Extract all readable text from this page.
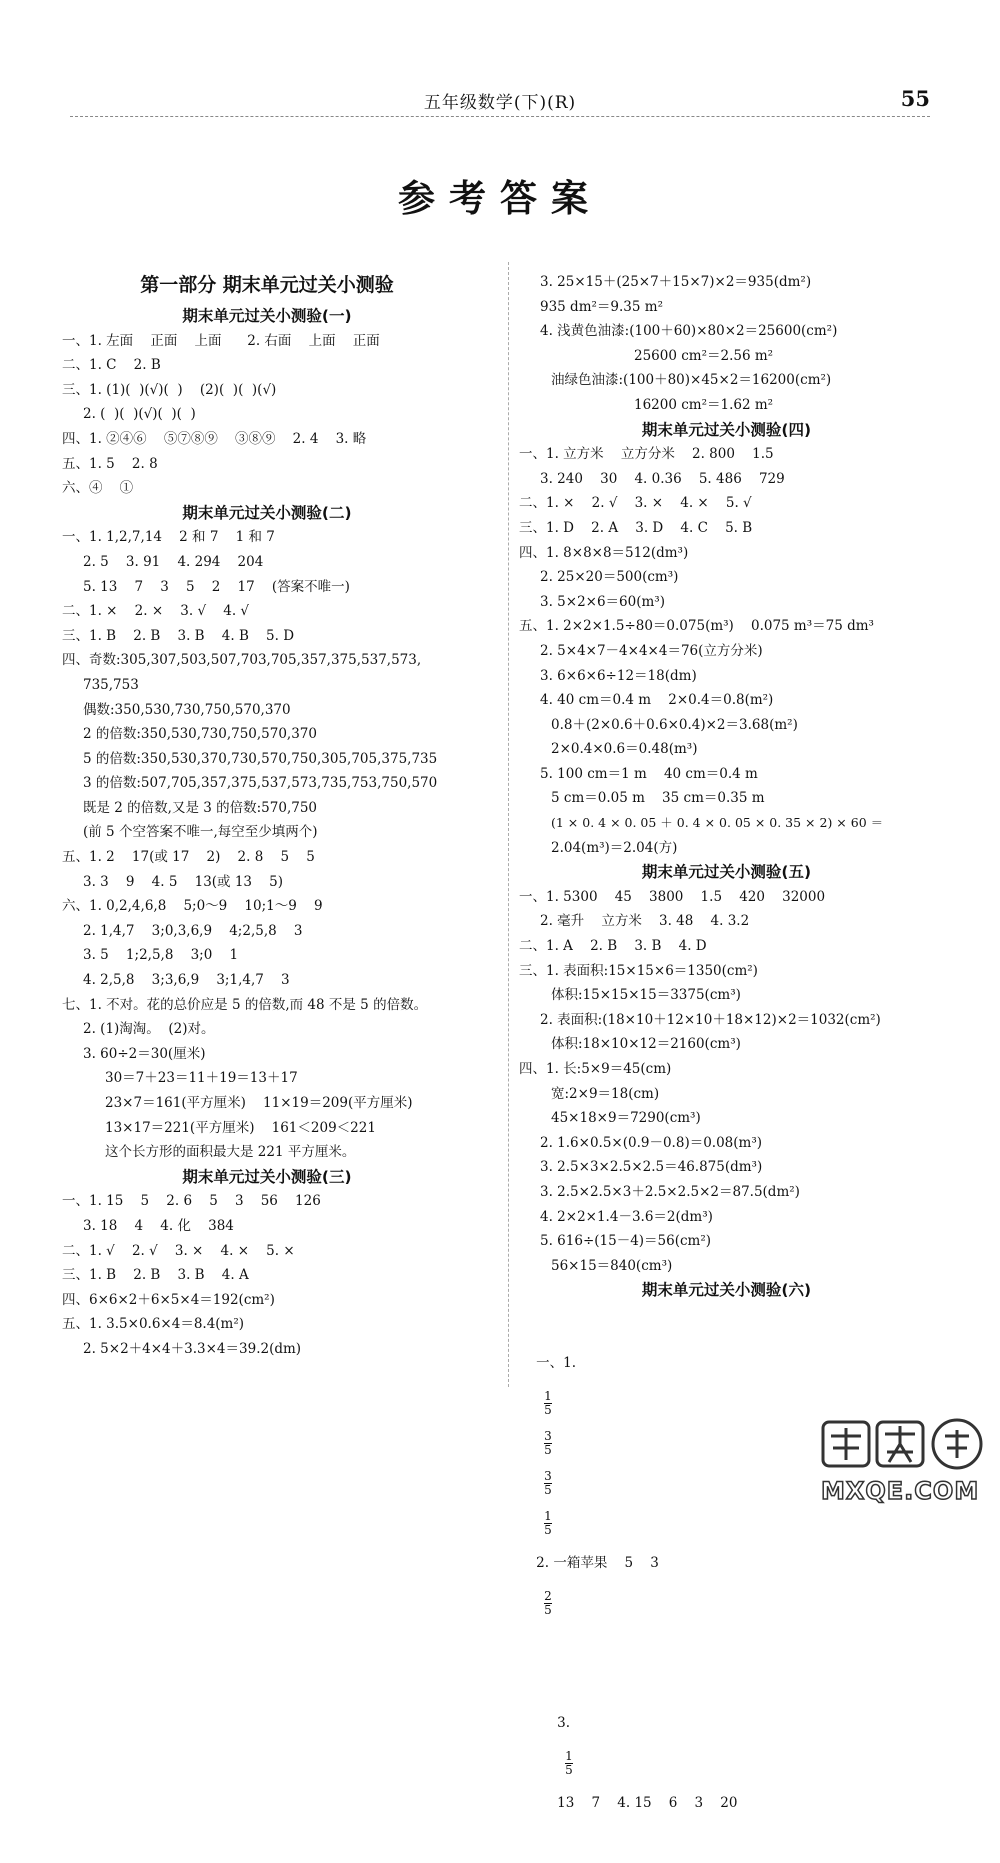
五年级数学(下)(R)	55
参考答案
第一部分 期末单元过关小测验
期末单元过关小测验(一)
一、1. 左面    正面    上面      2. 右面    上面    正面
二、1. C    2. B
三、1. (1)(  )(√)(  )    (2)(  )(  )(√)
2. (  )(  )(√)(  )(  )
四、1. ②④⑥    ⑤⑦⑧⑨    ③⑧⑨    2. 4    3. 略
五、1. 5    2. 8
六、④    ①
期末单元过关小测验(二)
一、1. 1,2,7,14    2 和 7    1 和 7
2. 5    3. 91    4. 294    204
5. 13    7    3    5    2    17    (答案不唯一)
二、1. ×    2. ×    3. √    4. √
三、1. B    2. B    3. B    4. B    5. D
四、奇数:305,307,503,507,703,705,357,375,537,573,
735,753
偶数:350,530,730,750,570,370
2 的倍数:350,530,730,750,570,370
5 的倍数:350,530,370,730,570,750,305,705,375,735
3 的倍数:507,705,357,375,537,573,735,753,750,570
既是 2 的倍数,又是 3 的倍数:570,750
(前 5 个空答案不唯一,每空至少填两个)
五、1. 2    17(或 17    2)    2. 8    5    5
3. 3    9    4. 5    13(或 13    5)
六、1. 0,2,4,6,8    5;0～9    10;1～9    9
2. 1,4,7    3;0,3,6,9    4;2,5,8    3
3. 5    1;2,5,8    3;0    1
4. 2,5,8    3;3,6,9    3;1,4,7    3
七、1. 不对。花的总价应是 5 的倍数,而 48 不是 5 的倍数。
2. (1)淘淘。  (2)对。
3. 60÷2＝30(厘米)
30＝7＋23＝11＋19＝13＋17
23×7＝161(平方厘米)    11×19＝209(平方厘米)
13×17＝221(平方厘米)    161＜209＜221
这个长方形的面积最大是 221 平方厘米。
期末单元过关小测验(三)
一、1. 15    5    2. 6    5    3    56    126
3. 18    4    4. 化    384
二、1. √    2. √    3. ×    4. ×    5. ×
三、1. B    2. B    3. B    4. A
四、6×6×2＋6×5×4＝192(cm²)
五、1. 3.5×0.6×4＝8.4(m²)
2. 5×2＋4×4＋3.3×4＝39.2(dm)
3. 25×15＋(25×7＋15×7)×2＝935(dm²)
935 dm²＝9.35 m²
4. 浅黄色油漆:(100＋60)×80×2＝25600(cm²)
25600 cm²＝2.56 m²
油绿色油漆:(100＋80)×45×2＝16200(cm²)
16200 cm²＝1.62 m²
期末单元过关小测验(四)
一、1. 立方米    立方分米    2. 800    1.5
3. 240    30    4. 0.36    5. 486    729
二、1. ×    2. √    3. ×    4. ×    5. √
三、1. D    2. A    3. D    4. C    5. B
四、1. 8×8×8＝512(dm³)
2. 25×20＝500(cm³)
3. 5×2×6＝60(m³)
五、1. 2×2×1.5÷80＝0.075(m³)    0.075 m³＝75 dm³
2. 5×4×7－4×4×4＝76(立方分米)
3. 6×6×6÷12＝18(dm)
4. 40 cm＝0.4 m    2×0.4＝0.8(m²)
0.8＋(2×0.6＋0.6×0.4)×2＝3.68(m²)
2×0.4×0.6＝0.48(m³)
5. 100 cm＝1 m    40 cm＝0.4 m
5 cm＝0.05 m    35 cm＝0.35 m
(1 × 0. 4 × 0. 05 ＋ 0. 4 × 0. 05 × 0. 35 × 2) × 60 ＝
2.04(m³)＝2.04(方)
期末单元过关小测验(五)
一、1. 5300    45    3800    1.5    420    32000
2. 毫升    立方米    3. 48    4. 3.2
二、1. A    2. B    3. B    4. D
三、1. 表面积:15×15×6＝1350(cm²)
体积:15×15×15＝3375(cm³)
2. 表面积:(18×10＋12×10＋18×12)×2＝1032(cm²)
体积:18×10×12＝2160(cm³)
四、1. 长:5×9＝45(cm)
宽:2×9＝18(cm)
45×18×9＝7290(cm³)
2. 1.6×0.5×(0.9－0.8)＝0.08(m³)
3. 2.5×3×2.5×2.5＝46.875(dm³)
3. 2.5×2.5×3＋2.5×2.5×2＝87.5(dm²)
4. 2×2×1.4－3.6＝2(dm³)
5. 616÷(15－4)＝56(cm²)
56×15＝840(cm³)
期末单元过关小测验(六)

一、1.

$\frac{1}{5}$

$\frac{3}{5}$

$\frac{3}{5}$

$\frac{1}{5}$

2. 一箱苹果    5    3

$\frac{2}{5}$

3.

$\frac{1}{5}$

13    7    4. 15    6    3    20

MXQE.COM
